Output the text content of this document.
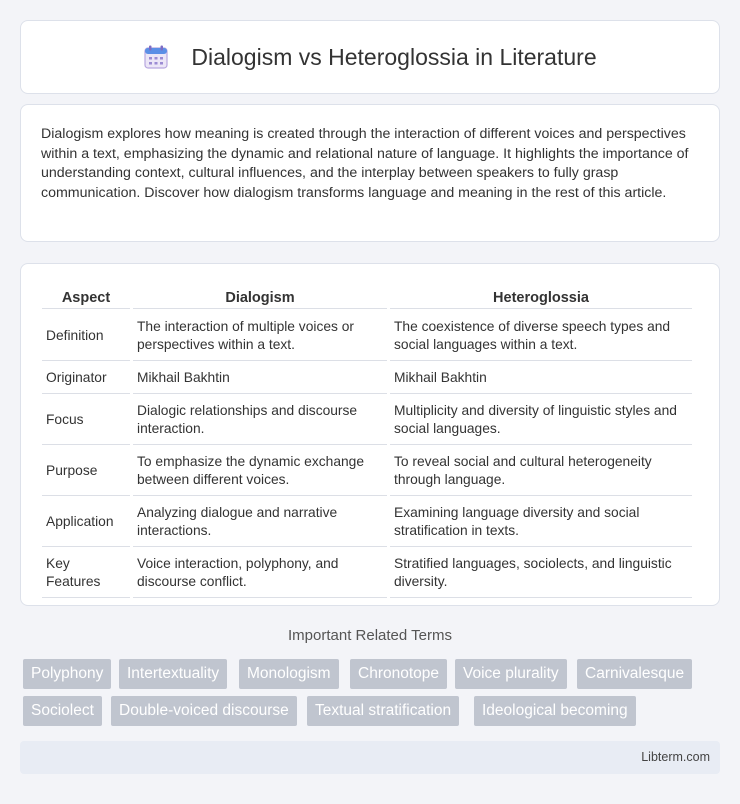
Dialogism vs Heteroglossia in Literature

Dialogism explores how meaning is created through the interaction of different voices and perspectives within a text, emphasizing the dynamic and relational nature of language. It highlights the importance of understanding context, cultural influences, and the interplay between speakers to fully grasp communication. Discover how dialogism transforms language and meaning in the rest of this article.

Aspect	Dialogism	Heteroglossia
Definition	The interaction of multiple voices or perspectives within a text.	The coexistence of diverse speech types and social languages within a text.
Originator	Mikhail Bakhtin	Mikhail Bakhtin
Focus	Dialogic relationships and discourse interaction.	Multiplicity and diversity of linguistic styles and social languages.
Purpose	To emphasize the dynamic exchange between different voices.	To reveal social and cultural heterogeneity through language.
Application	Analyzing dialogue and narrative interactions.	Examining language diversity and social stratification in texts.
Key Features	Voice interaction, polyphony, and discourse conflict.	Stratified languages, sociolects, and linguistic diversity.
Important Related Terms
Polyphony	Intertextuality	Monologism	Chronotope	Voice plurality	Carnivalesque
Sociolect	Double-voiced discourse	Textual stratification	Ideological becoming
Libterm.com
